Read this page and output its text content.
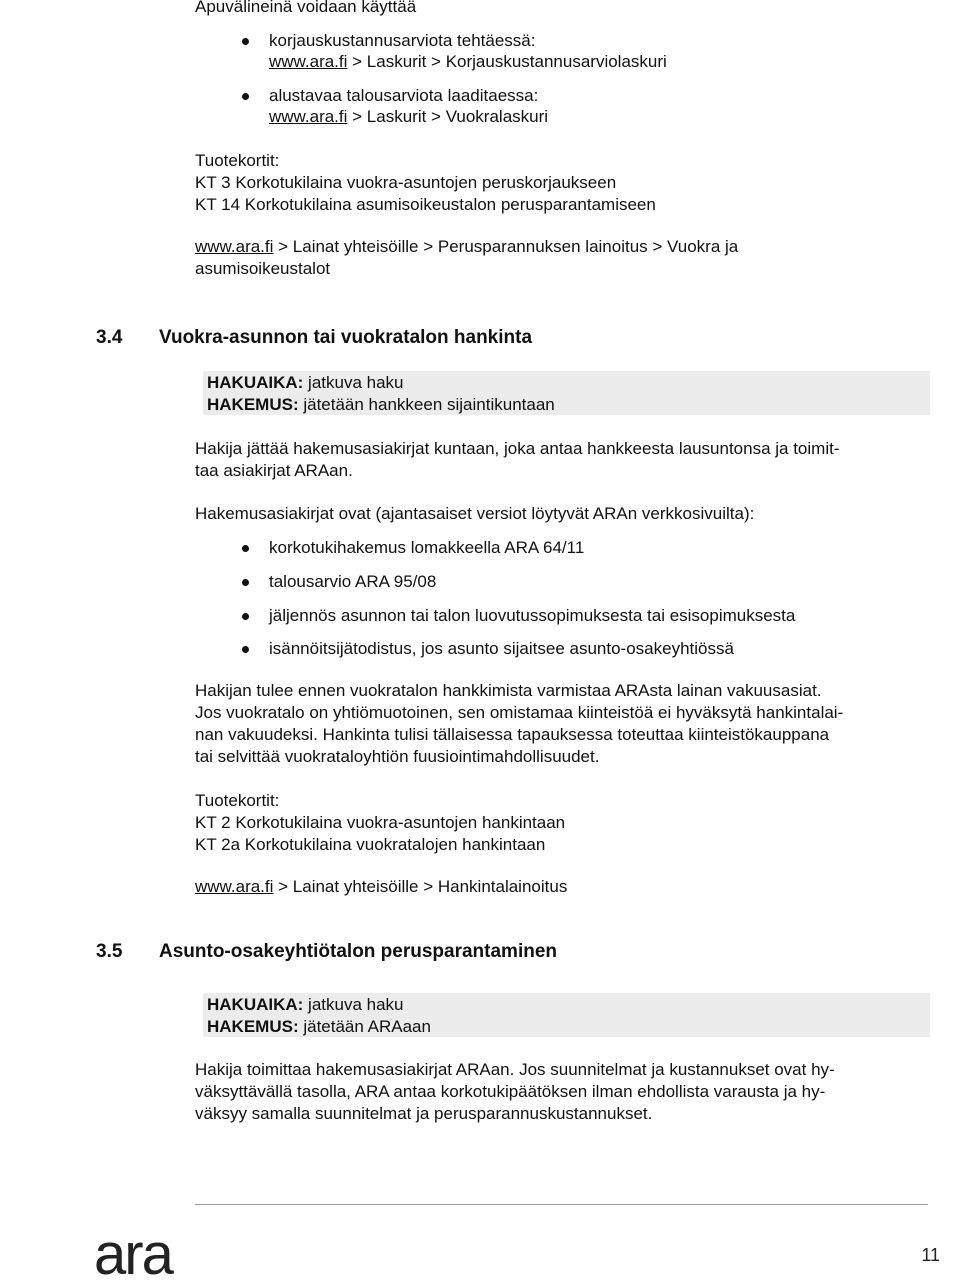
Apuvälineinä voidaan käyttää
korjauskustannusarviota tehtäessä:
www.ara.fi > Laskurit > Korjauskustannusarviolaskuri
alustavaa talousarviota laaditaessa:
www.ara.fi > Laskurit > Vuokralaskuri
Tuotekortit:
KT 3 Korkotukilaina vuokra-asuntojen peruskorjaukseen
KT 14 Korkotukilaina asumisoikeustalon perusparantamiseen
www.ara.fi > Lainat yhteisöille > Perusparannuksen lainoitus > Vuokra ja
asumisoikeustalot
3.4 Vuokra-asunnon tai vuokratalon hankinta
HAKUAIKA: jatkuva haku
HAKEMUS: jätetään hankkeen sijaintikuntaan
Hakija jättää hakemusasiakirjat kuntaan, joka antaa hankkeesta lausuntonsa ja toimit-
taa asiakirjat ARAan.
Hakemusasiakirjat ovat (ajantasaiset versiot löytyvät ARAn verkkosivuilta):
korkotukihakemus lomakkeella ARA 64/11
talousarvio ARA 95/08
jäljennös asunnon tai talon luovutussopimuksesta tai esisopimuksesta
isännöitsijätodistus, jos asunto sijaitsee asunto-osakeyhtiössä
Hakijan tulee ennen vuokratalon hankkimista varmistaa ARAsta lainan vakuusasiat.
Jos vuokratalo on yhtiömuotoinen, sen omistamaa kiinteistöä ei hyväksytä hankintalai-
nan vakuudeksi. Hankinta tulisi tällaisessa tapauksessa toteuttaa kiinteistökauppana
tai selvittää vuokrataloyhtiön fuusiointimahdollisuudet.
Tuotekortit:
KT 2 Korkotukilaina vuokra-asuntojen hankintaan
KT 2a Korkotukilaina vuokratalojen hankintaan
www.ara.fi > Lainat yhteisöille > Hankintalainoitus
3.5 Asunto-osakeyhtiötalon perusparantaminen
HAKUAIKA: jatkuva haku
HAKEMUS: jätetään ARAaan
Hakija toimittaa hakemusasiakirjat ARAan. Jos suunnitelmat ja kustannukset ovat hy-
väksyttävällä tasolla, ARA antaa korkotukipäätöksen ilman ehdollista varausta ja hy-
väksyy samalla suunnitelmat ja perusparannuskustannukset.
ara	11
